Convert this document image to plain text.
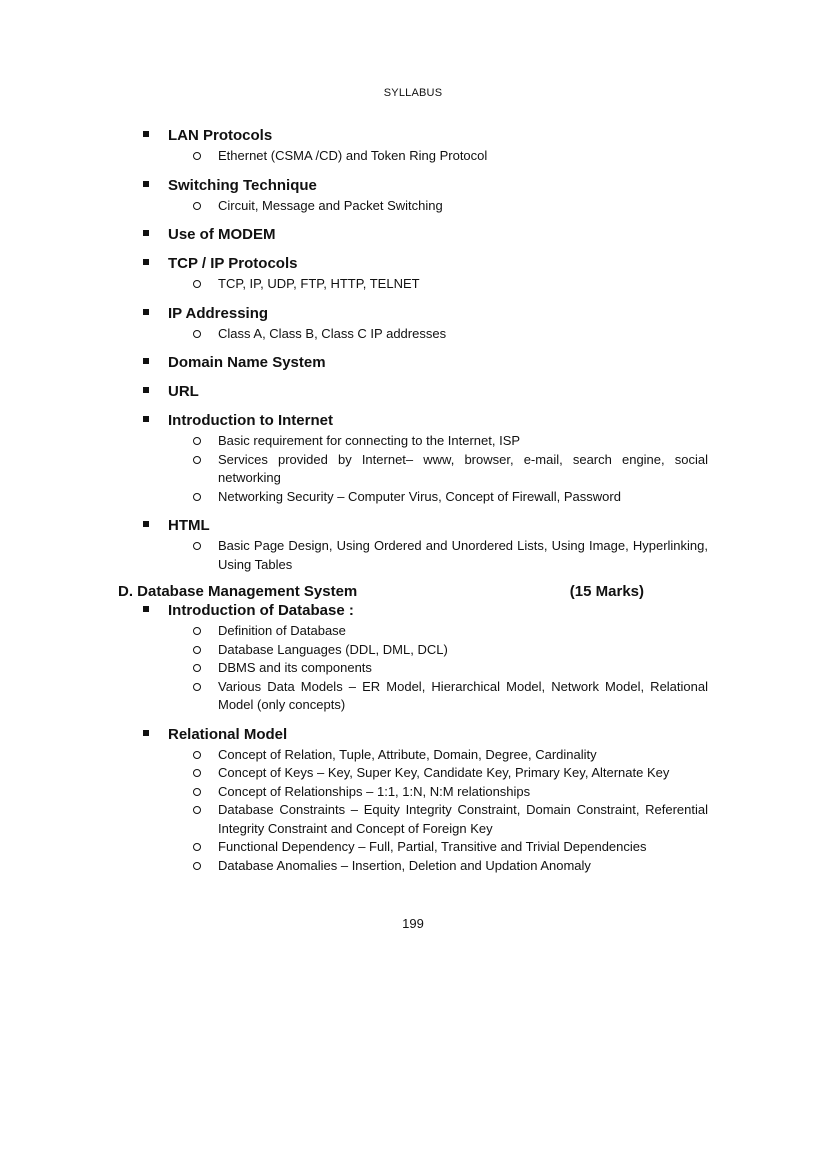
SYLLABUS
LAN Protocols
Ethernet (CSMA /CD) and Token Ring Protocol
Switching Technique
Circuit, Message and Packet Switching
Use of MODEM
TCP / IP Protocols
TCP, IP, UDP, FTP, HTTP, TELNET
IP Addressing
Class A, Class B, Class C IP addresses
Domain Name System
URL
Introduction to Internet
Basic requirement for connecting to the Internet, ISP
Services provided by Internet– www, browser, e-mail, search engine, social networking
Networking Security – Computer Virus, Concept of Firewall, Password
HTML
Basic Page Design, Using Ordered and Unordered Lists, Using Image, Hyperlinking, Using Tables
D. Database Management System	(15 Marks)
Introduction of Database :
Definition of Database
Database Languages (DDL, DML, DCL)
DBMS and its components
Various Data Models – ER Model, Hierarchical Model, Network Model, Relational Model (only concepts)
Relational Model
Concept of Relation, Tuple, Attribute, Domain, Degree, Cardinality
Concept of Keys – Key, Super Key, Candidate Key, Primary Key, Alternate Key
Concept of Relationships – 1:1, 1:N, N:M relationships
Database Constraints – Equity Integrity Constraint, Domain Constraint, Referential Integrity Constraint and Concept of Foreign Key
Functional Dependency – Full, Partial, Transitive and Trivial Dependencies
Database Anomalies – Insertion, Deletion and Updation Anomaly
199
